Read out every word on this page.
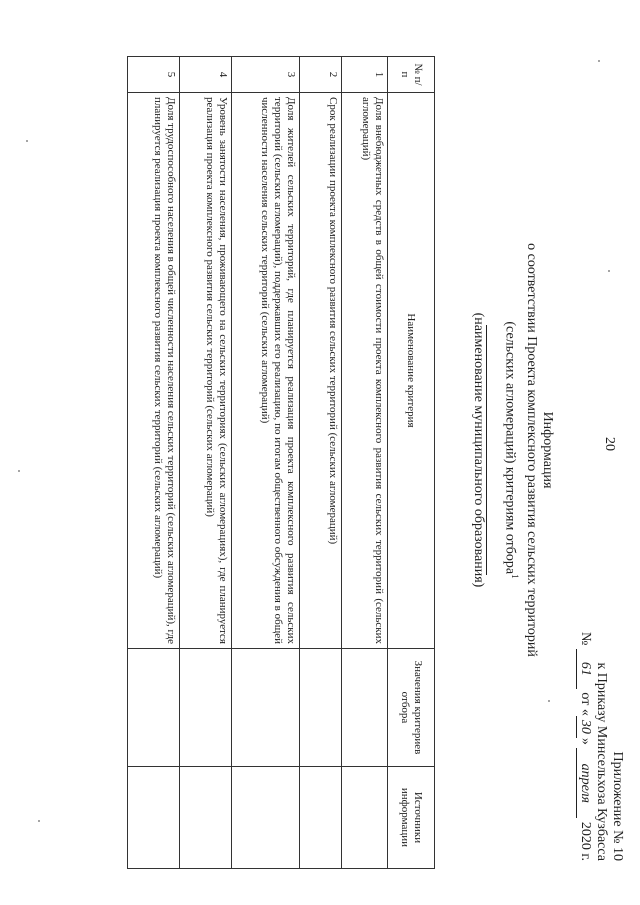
20
Приложение № 10
к Приказу Минсельхоза Кузбасса
№ 61 от «30» апреля 2020 г.
Информация
о соответствии Проекта комплексного развития сельских территорий
(сельских агломераций) критериям отбора$^1$
(наименование муниципального образования)
№ п/п	Наименование критерия	Значения критериев отбора	Источники информации
1	Доля внебюджетных средств в общей стоимости проекта комплексного развития сельских территорий (сельских агломераций)		
2	Срок реализации проекта комплексного развития сельских территорий (сельских агломераций)		
3	Доля жителей сельских территорий, где планируется реализация проекта комплексного развития сельских территорий (сельских агломераций), поддержавших его реализацию, по итогам общественного обсуждения в общей численности населения сельских территорий (сельских агломераций)		
4	Уровень занятости населения, проживающего на сельских территориях (сельских агломерациях), где планируется реализация проекта комплексного развития сельских территорий (сельских агломераций)		
5	Доля трудоспособного населения в общей численности населения сельских территорий (сельских агломераций), где планируется реализация проекта комплексного развития сельских территорий (сельских агломераций)		
